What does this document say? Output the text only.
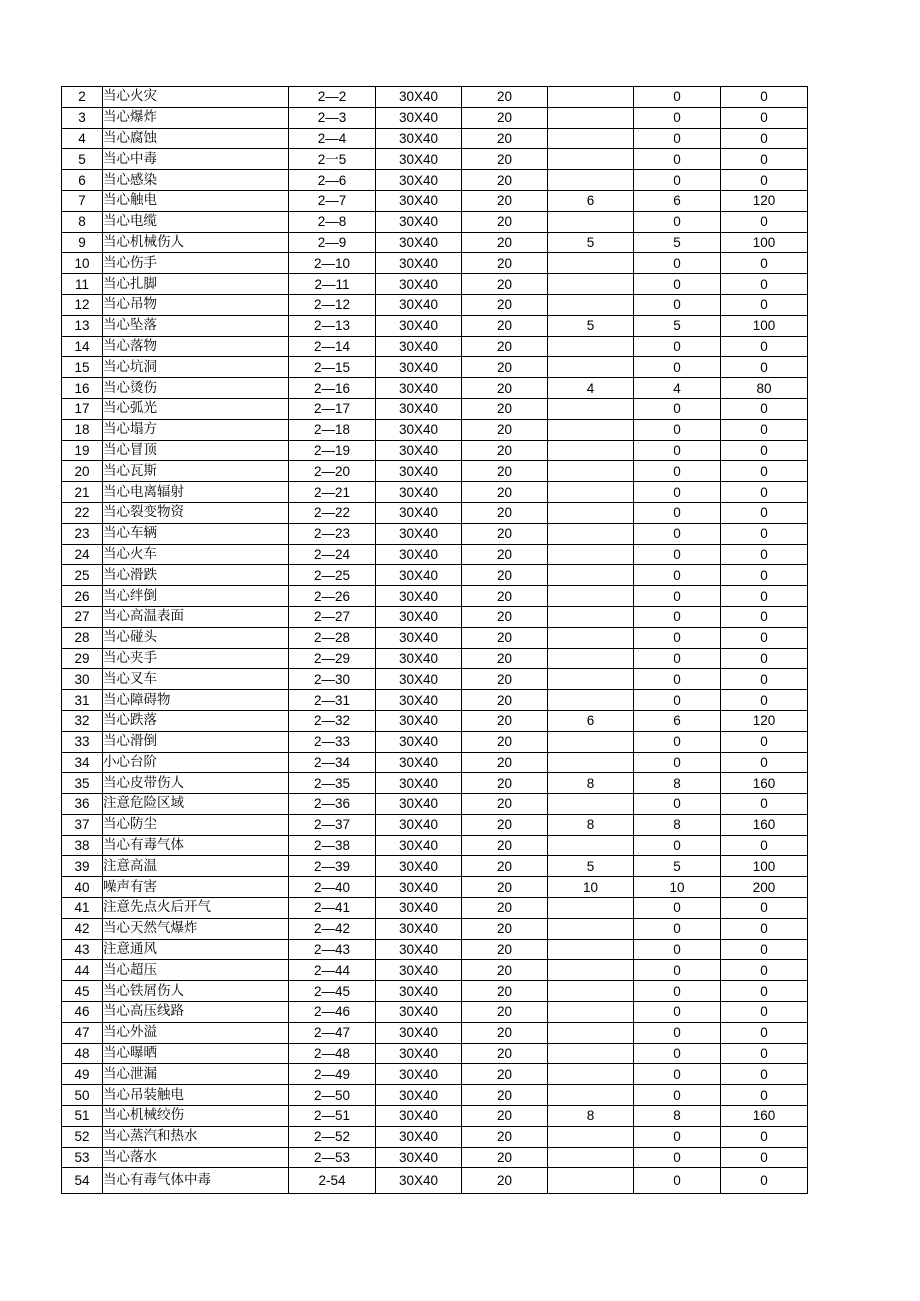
2	当心火灾	2—2	30X40	20		0	0
3	当心爆炸	2—3	30X40	20		0	0
4	当心腐蚀	2—4	30X40	20		0	0
5	当心中毒	2一5	30X40	20		0	0
6	当心感染	2—6	30X40	20		0	0
7	当心触电	2—7	30X40	20	6	6	120
8	当心电缆	2—8	30X40	20		0	0
9	当心机械伤人	2—9	30X40	20	5	5	100
10	当心伤手	2—10	30X40	20		0	0
11	当心扎脚	2—11	30X40	20		0	0
12	当心吊物	2—12	30X40	20		0	0
13	当心坠落	2—13	30X40	20	5	5	100
14	当心落物	2—14	30X40	20		0	0
15	当心坑洞	2—15	30X40	20		0	0
16	当心烫伤	2—16	30X40	20	4	4	80
17	当心弧光	2—17	30X40	20		0	0
18	当心塌方	2—18	30X40	20		0	0
19	当心冒顶	2—19	30X40	20		0	0
20	当心瓦斯	2—20	30X40	20		0	0
21	当心电离辐射	2—21	30X40	20		0	0
22	当心裂变物资	2—22	30X40	20		0	0
23	当心车辆	2—23	30X40	20		0	0
24	当心火车	2—24	30X40	20		0	0
25	当心滑跌	2—25	30X40	20		0	0
26	当心绊倒	2—26	30X40	20		0	0
27	当心高温表面	2—27	30X40	20		0	0
28	当心碰头	2—28	30X40	20		0	0
29	当心夹手	2—29	30X40	20		0	0
30	当心叉车	2—30	30X40	20		0	0
31	当心障碍物	2—31	30X40	20		0	0
32	当心跌落	2—32	30X40	20	6	6	120
33	当心滑倒	2—33	30X40	20		0	0
34	小心台阶	2—34	30X40	20		0	0
35	当心皮带伤人	2—35	30X40	20	8	8	160
36	注意危险区域	2—36	30X40	20		0	0
37	当心防尘	2—37	30X40	20	8	8	160
38	当心有毒气体	2—38	30X40	20		0	0
39	注意高温	2—39	30X40	20	5	5	100
40	噪声有害	2—40	30X40	20	10	10	200
41	注意先点火后开气	2—41	30X40	20		0	0
42	当心天然气爆炸	2—42	30X40	20		0	0
43	注意通风	2—43	30X40	20		0	0
44	当心超压	2—44	30X40	20		0	0
45	当心铁屑伤人	2—45	30X40	20		0	0
46	当心高压线路	2—46	30X40	20		0	0
47	当心外溢	2—47	30X40	20		0	0
48	当心曝晒	2—48	30X40	20		0	0
49	当心泄漏	2—49	30X40	20		0	0
50	当心吊装触电	2—50	30X40	20		0	0
51	当心机械绞伤	2—51	30X40	20	8	8	160
52	当心蒸汽和热水	2—52	30X40	20		0	0
53	当心落水	2—53	30X40	20		0	0
54	当心有毒气体中毒	2-54	30X40	20		0	0
